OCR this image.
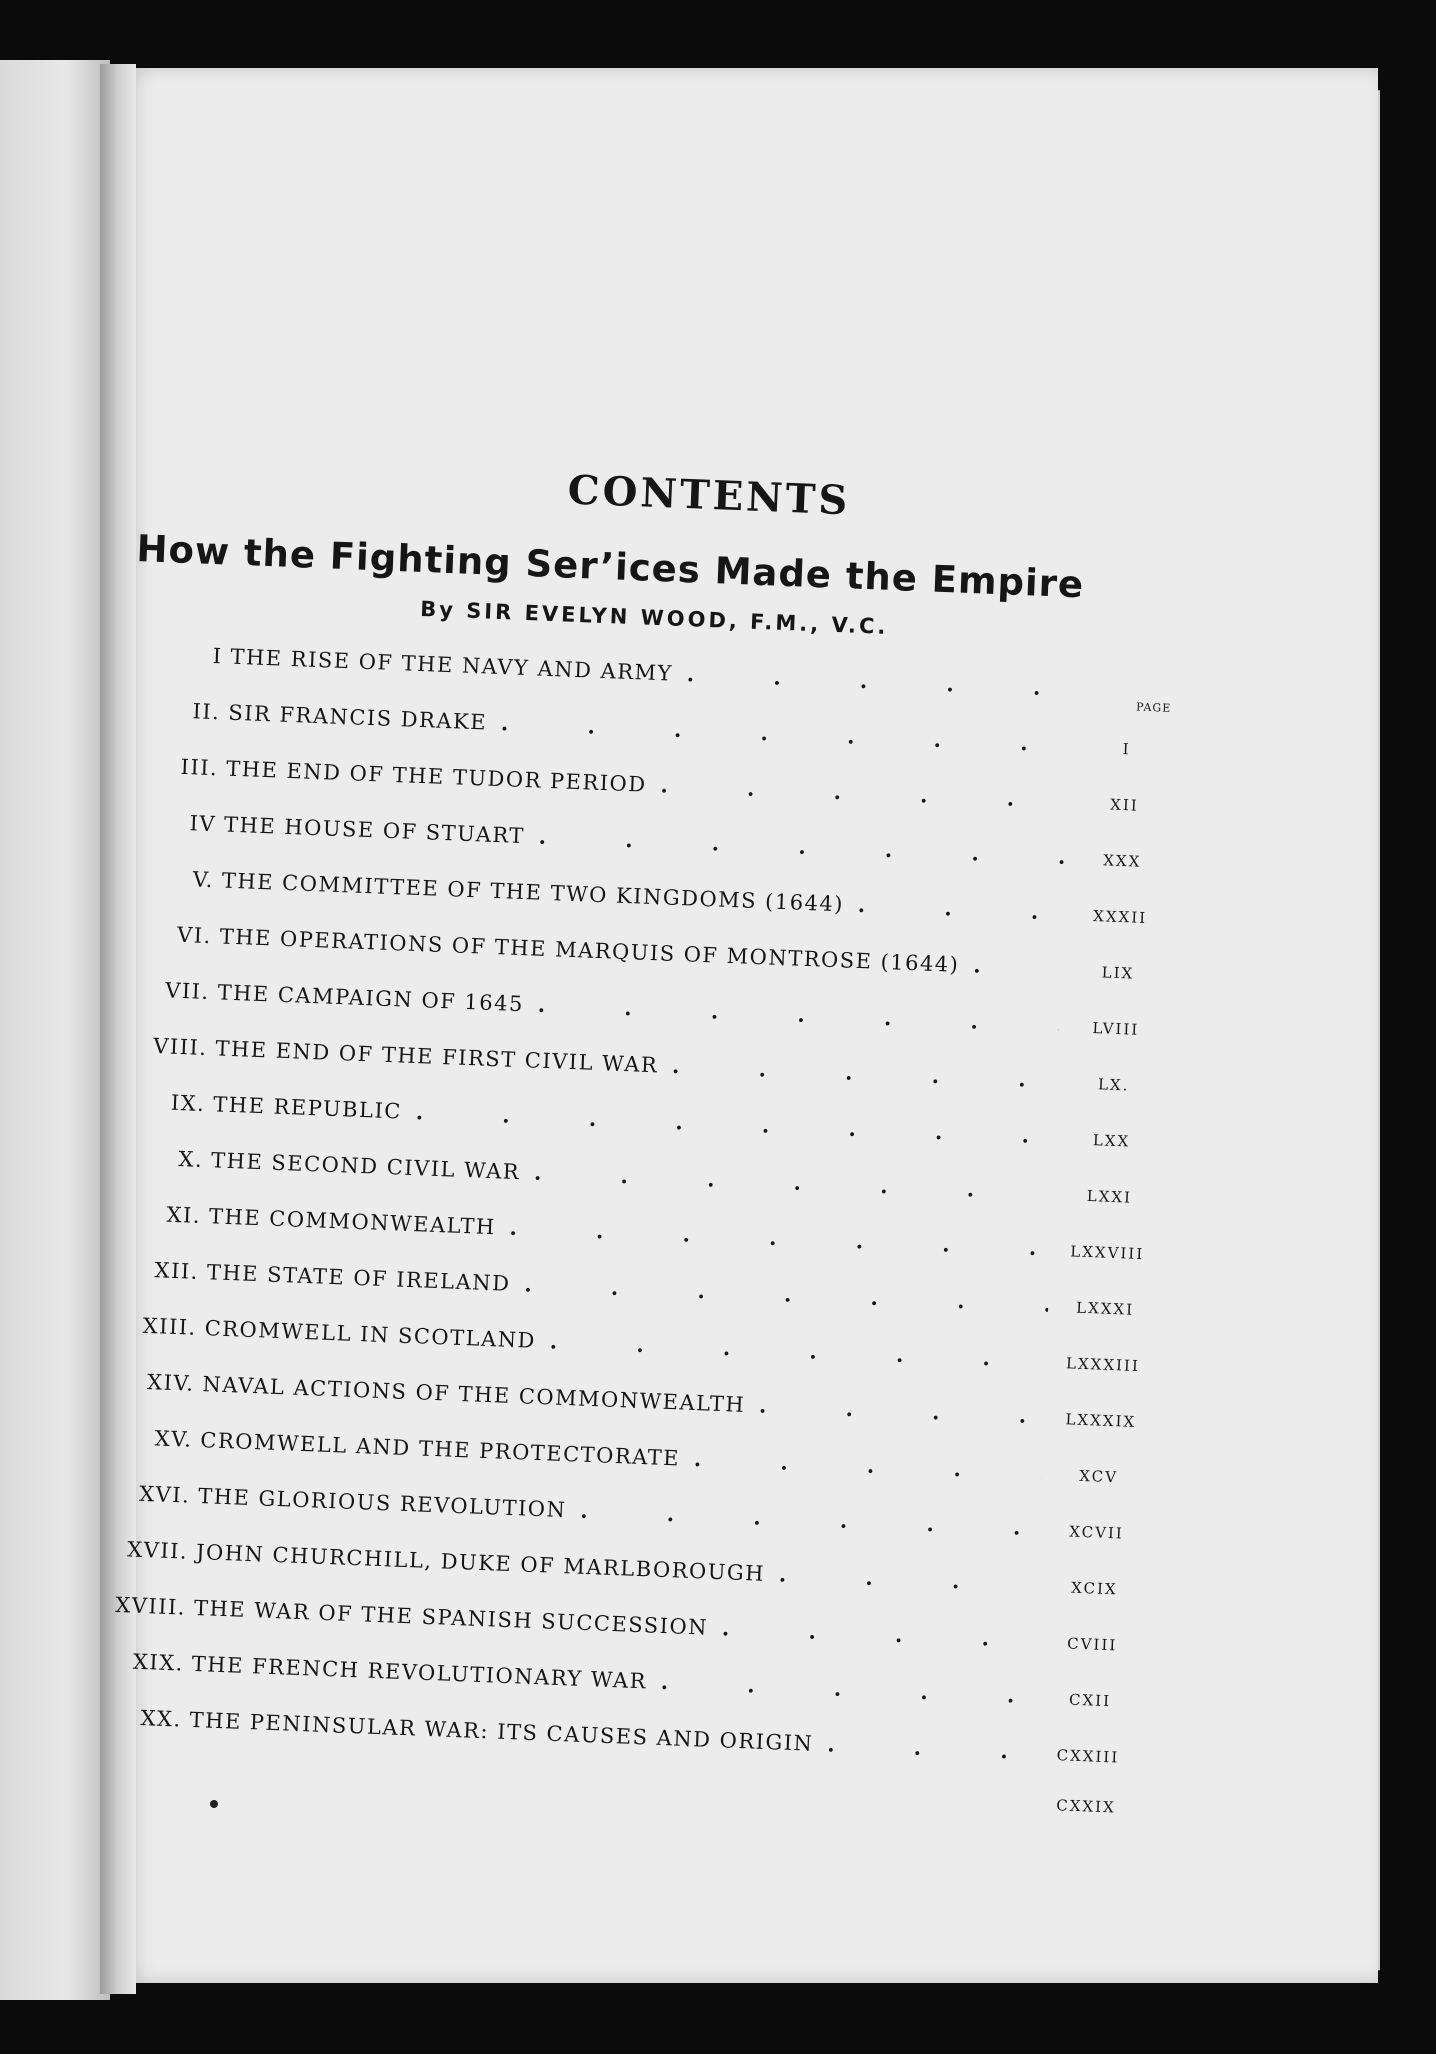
CONTENTS
How the Fighting Ser’ices Made the Empire
By SIR EVELYN WOOD, F.M., V.C.
PAGE
I THE RISE OF THE NAVY AND ARMY
. . .
II. SIR FRANCIS DRAKE
. . .
I
III. THE END OF THE TUDOR PERIOD
. . .
XII
IV THE HOUSE OF STUART
. . .
XXX
V. THE COMMITTEE OF THE TWO KINGDOMS (1644)
. . .
XXXII
VI. THE OPERATIONS OF THE MARQUIS OF MONTROSE (1644)
. . .	LIX
VII. THE CAMPAIGN OF 1645
. . .
LVIII
VIII. THE END OF THE FIRST CIVIL WAR
. . .
LX.
IX. THE REPUBLIC
. . .
LXX
X. THE SECOND CIVIL WAR
. . .
LXXI
XI. THE COMMONWEALTH
. . .
LXXVIII
XII. THE STATE OF IRELAND
. . .
LXXXI
XIII. CROMWELL IN SCOTLAND
. . .
LXXXIII
XIV. NAVAL ACTIONS OF THE COMMONWEALTH
. . .
LXXXIX
XV. CROMWELL AND THE PROTECTORATE
. . .
XCV
XVI. THE GLORIOUS REVOLUTION
. . .
XCVII
XVII. JOHN CHURCHILL, DUKE OF MARLBOROUGH
. . .
XCIX
XVIII. THE WAR OF THE SPANISH SUCCESSION
. . .
CVIII
XIX. THE FRENCH REVOLUTIONARY WAR
. . .
CXII
XX. THE PENINSULAR WAR: ITS CAUSES AND ORIGIN
. . .
CXXIII
CXXIX
